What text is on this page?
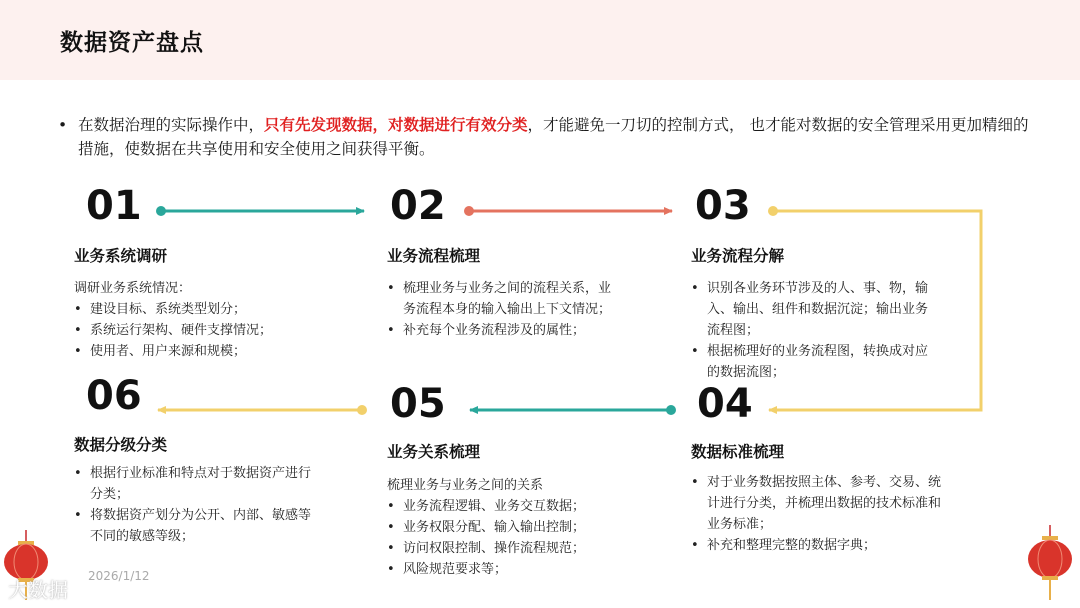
数据资产盘点
• 在数据治理的实际操作中，只有先发现数据，对数据进行有效分类，才能避免一刀切的控制方式， 也才能对数据的安全管理采用更加精细的措施，使数据在共享使用和安全使用之间获得平衡。
01
业务系统调研

调研业务系统情况：

• 建设目标、系统类型划分；
• 系统运行架构、硬件支撑情况；
• 使用者、用户来源和规模；
02
业务流程梳理
• 梳理业务与业务之间的流程关系，业务流程本身的输入输出上下文情况；
• 补充每个业务流程涉及的属性；
03
业务流程分解
• 识别各业务环节涉及的人、事、物，输入、输出、组件和数据沉淀；输出业务流程图；
• 根据梳理好的业务流程图，转换成对应的数据流图；
04
数据标准梳理
• 对于业务数据按照主体、参考、交易、统计进行分类，并梳理出数据的技术标准和业务标准；
• 补充和整理完整的数据字典；
05
业务关系梳理

梳理业务与业务之间的关系

• 业务流程逻辑、业务交互数据；
• 业务权限分配、输入输出控制；
• 访问权限控制、操作流程规范；
• 风险规范要求等；
06
数据分级分类
• 根据行业标准和特点对于数据资产进行分类；
• 将数据资产划分为公开、内部、敏感等不同的敏感等级；
2026/1/12
大数据
